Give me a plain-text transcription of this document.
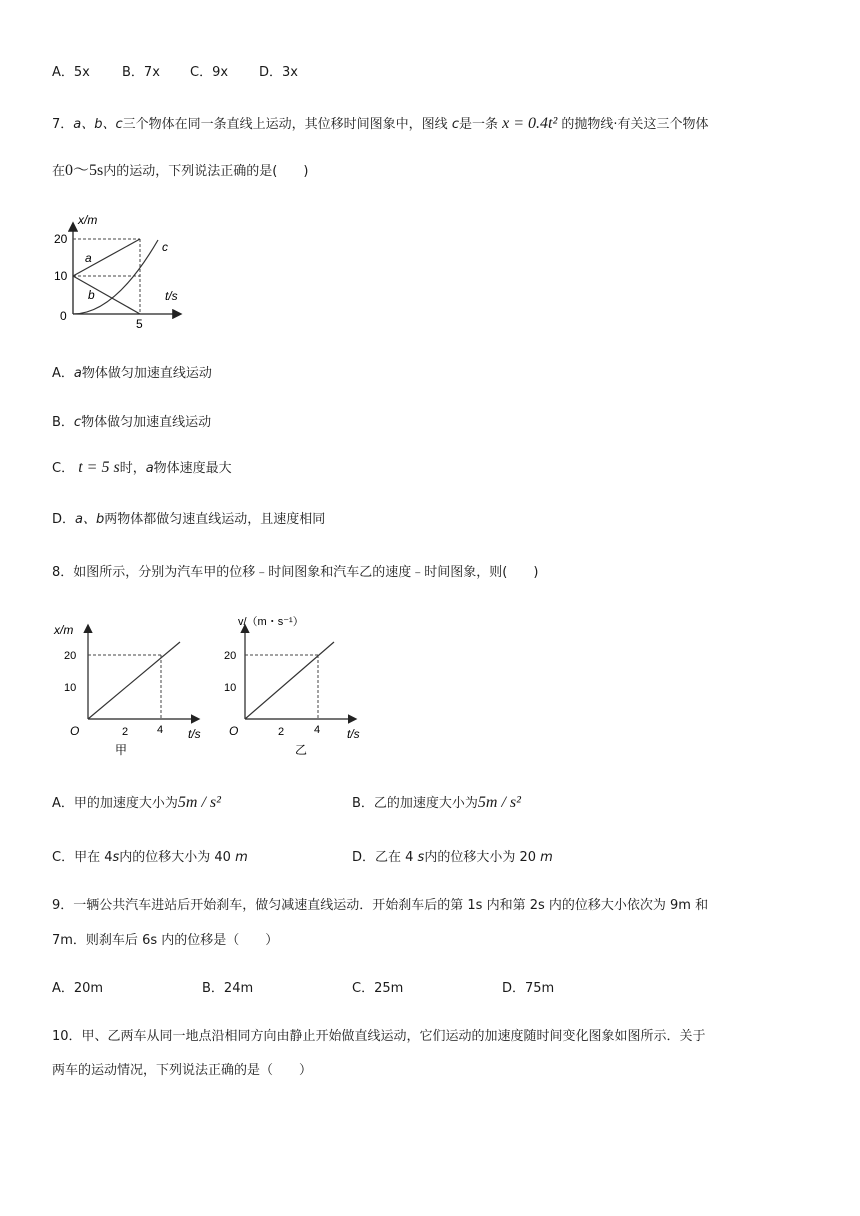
A．5x B．7x C．9x D．3x
7．a、b、c三个物体在同一条直线上运动，其位移时间图象中，图线 c是一条 x = 0.4t² 的抛物线·有关这三个物体
在0～5s内的运动，下列说法正确的是(　　)
x/m
t/s
20
10
0
5
a
b
c
A．a物体做匀加速直线运动
B．c物体做匀加速直线运动
C． t = 5 s时，a物体速度最大
D．a、b两物体都做匀速直线运动，且速度相同
8．如图所示，分别为汽车甲的位移﹣时间图象和汽车乙的速度﹣时间图象，则(　　)
x/m
20
10
O	2	4 t/s
甲
v/（m・s⁻¹）
20
10
O	2	4 t/s
乙
A．甲的加速度大小为5m / s²	B．乙的加速度大小为5m / s²
C．甲在 4s内的位移大小为 40 m	D．乙在 4 s内的位移大小为 20 m
9．一辆公共汽车进站后开始刹车，做匀减速直线运动．开始刹车后的第 1s 内和第 2s 内的位移大小依次为 9m 和
7m．则刹车后 6s 内的位移是（　　）
A．20m	B．24m	C．25m	D．75m
10．甲、乙两车从同一地点沿相同方向由静止开始做直线运动，它们运动的加速度随时间变化图象如图所示．关于
两车的运动情况，下列说法正确的是（　　）
